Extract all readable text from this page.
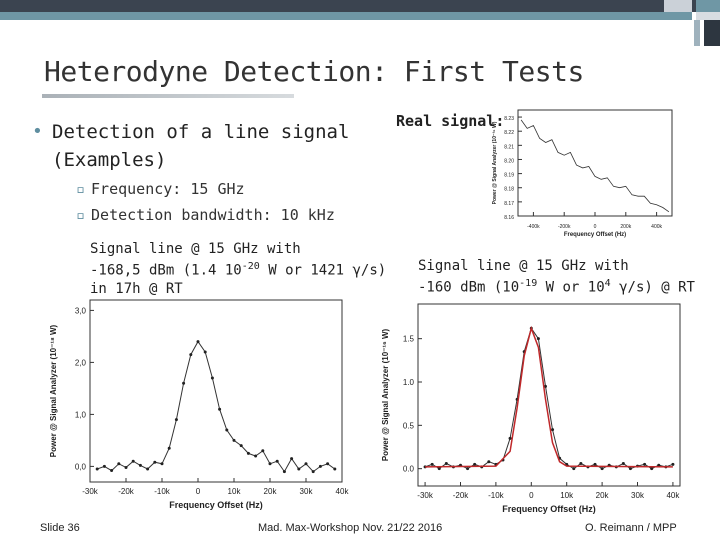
Heterodyne Detection: First Tests
• Detection of a line signal (Examples)
▫ Frequency: 15 GHz
▫ Detection bandwidth: 10 kHz
Real signal:
Signal line @ 15 GHz with
-168,5 dBm (1.4 $10^{-20}$ W or 1421 γ/s)
in 17h @ RT
Signal line @ 15 GHz with
-160 dBm ($10^{-19}$ W or $10^4$ γ/s) @ RT
-30k	-20k	-10k	0	10k	20k	30k	40k
0,0
1,0
2,0
3,0
Frequency Offset (Hz)
Power @ Signal Analyzer (10⁻¹⁸ W)
-30k -20k -10k	0	10k	20k	30k	40k
0.0
0.5
1.0
1.5
Frequency Offset (Hz)
Power @ Signal Analyzer (10⁻¹⁶ W)
-400k	-200k	0	200k	400k
8.23
8.22
8.21
8.20
8.19
8.18
8.17
8.16
Frequency Offset (Hz)
Power @ Signal Analyzer (10⁻¹⁶ W)
Slide 36	Mad. Max-Workshop Nov. 21/22 2016	O. Reimann / MPP
